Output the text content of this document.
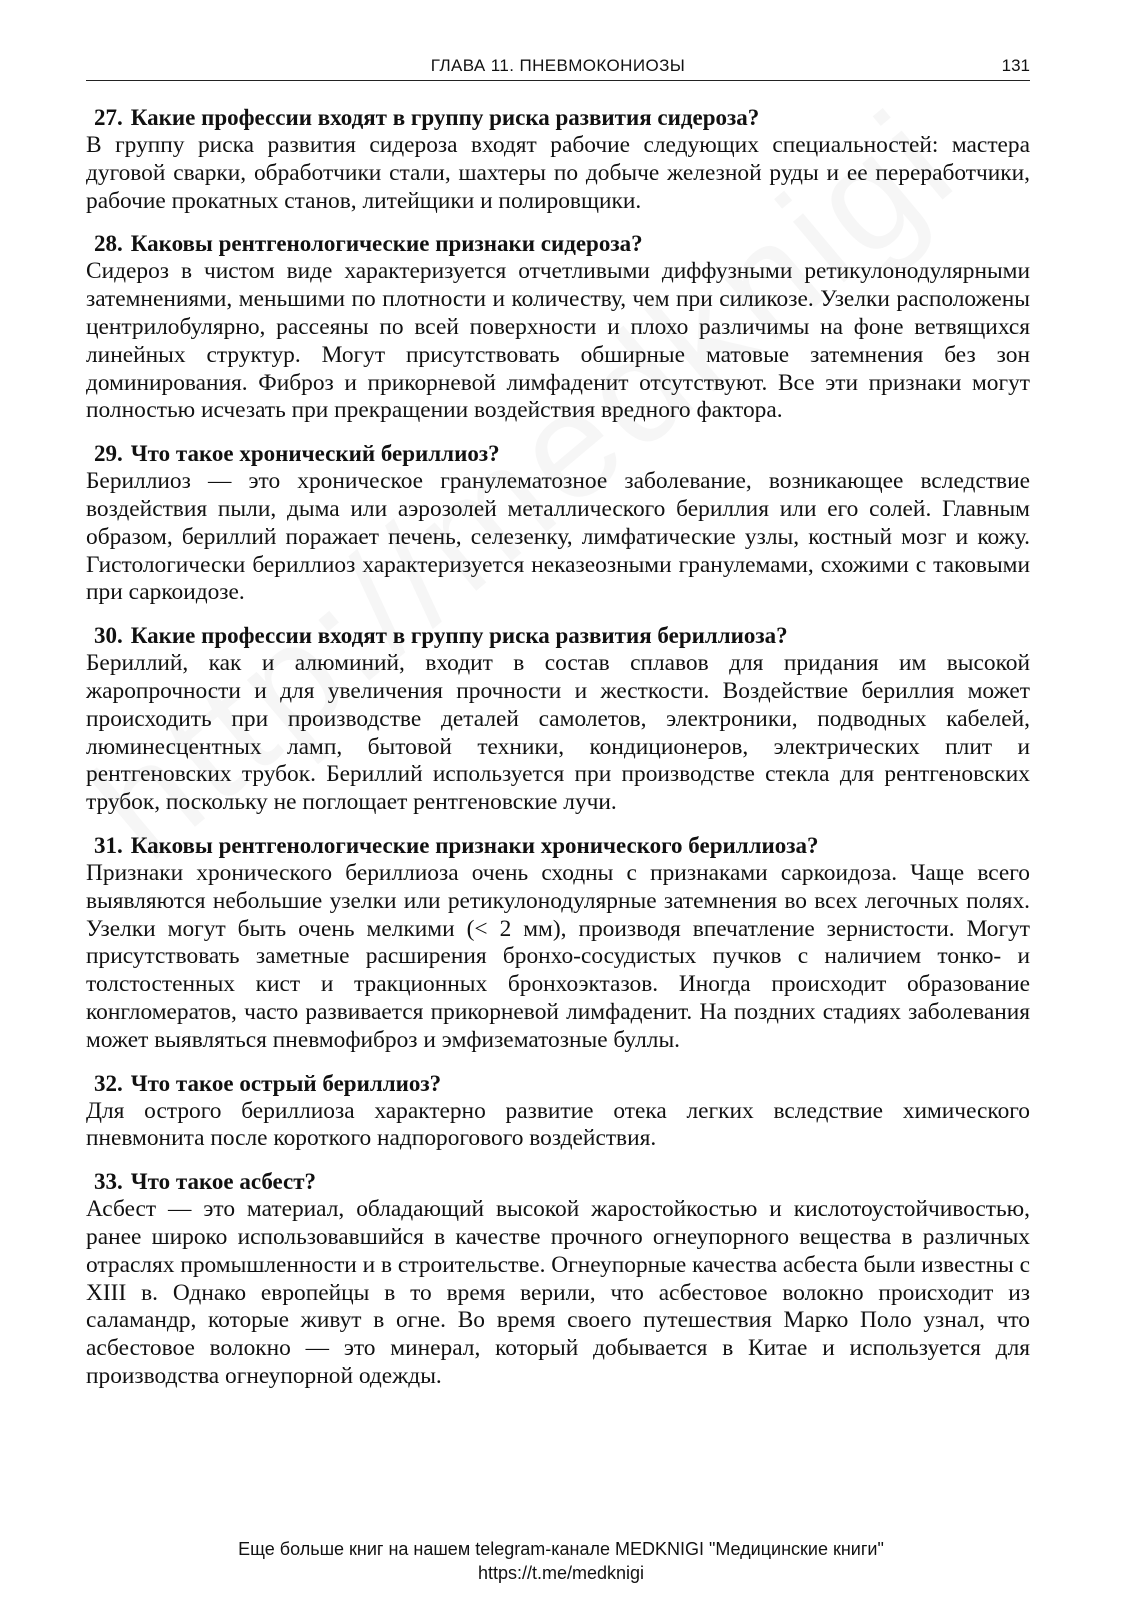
ГЛАВА 11. ПНЕВМОКОНИОЗЫ	131
27. Какие профессии входят в группу риска развития сидероза?
В группу риска развития сидероза входят рабочие следующих специальностей: мастера дуговой сварки, обработчики стали, шахтеры по добыче железной руды и ее переработчики, рабочие прокатных станов, литейщики и полировщики.
28. Каковы рентгенологические признаки сидероза?
Сидероз в чистом виде характеризуется отчетливыми диффузными ретикулонодулярными затемнениями, меньшими по плотности и количеству, чем при силикозе. Узелки расположены центрилобулярно, рассеяны по всей поверхности и плохо различимы на фоне ветвящихся линейных структур. Могут присутствовать обширные матовые затемнения без зон доминирования. Фиброз и прикорневой лимфаденит отсутствуют. Все эти признаки могут полностью исчезать при прекращении воздействия вредного фактора.
29. Что такое хронический бериллиоз?
Бериллиоз — это хроническое гранулематозное заболевание, возникающее вследствие воздействия пыли, дыма или аэрозолей металлического бериллия или его солей. Главным образом, бериллий поражает печень, селезенку, лимфатические узлы, костный мозг и кожу. Гистологически бериллиоз характеризуется неказеозными гранулемами, схожими с таковыми при саркоидозе.
30. Какие профессии входят в группу риска развития бериллиоза?
Бериллий, как и алюминий, входит в состав сплавов для придания им высокой жаропрочности и для увеличения прочности и жесткости. Воздействие бериллия может происходить при производстве деталей самолетов, электроники, подводных кабелей, люминесцентных ламп, бытовой техники, кондиционеров, электрических плит и рентгеновских трубок. Бериллий используется при производстве стекла для рентгеновских трубок, поскольку не поглощает рентгеновские лучи.
31. Каковы рентгенологические признаки хронического бериллиоза?
Признаки хронического бериллиоза очень сходны с признаками саркоидоза. Чаще всего выявляются небольшие узелки или ретикулонодулярные затемнения во всех легочных полях. Узелки могут быть очень мелкими (< 2 мм), производя впечатление зернистости. Могут присутствовать заметные расширения бронхо-сосудистых пучков с наличием тонко- и толстостенных кист и тракционных бронхоэктазов. Иногда происходит образование конгломератов, часто развивается прикорневой лимфаденит. На поздних стадиях заболевания может выявляться пневмофиброз и эмфизематозные буллы.
32. Что такое острый бериллиоз?
Для острого бериллиоза характерно развитие отека легких вследствие химического пневмонита после короткого надпорогового воздействия.
33. Что такое асбест?
Асбест — это материал, обладающий высокой жаростойкостью и кислотоустойчивостью, ранее широко использовавшийся в качестве прочного огнеупорного вещества в различных отраслях промышленности и в строительстве. Огнеупорные качества асбеста были известны с XIII в. Однако европейцы в то время верили, что асбестовое волокно происходит из саламандр, которые живут в огне. Во время своего путешествия Марко Поло узнал, что асбестовое волокно — это минерал, который добывается в Китае и используется для производства огнеупорной одежды.
Еще больше книг на нашем telegram-канале MEDKNIGI "Медицинские книги"
https://t.me/medknigi
